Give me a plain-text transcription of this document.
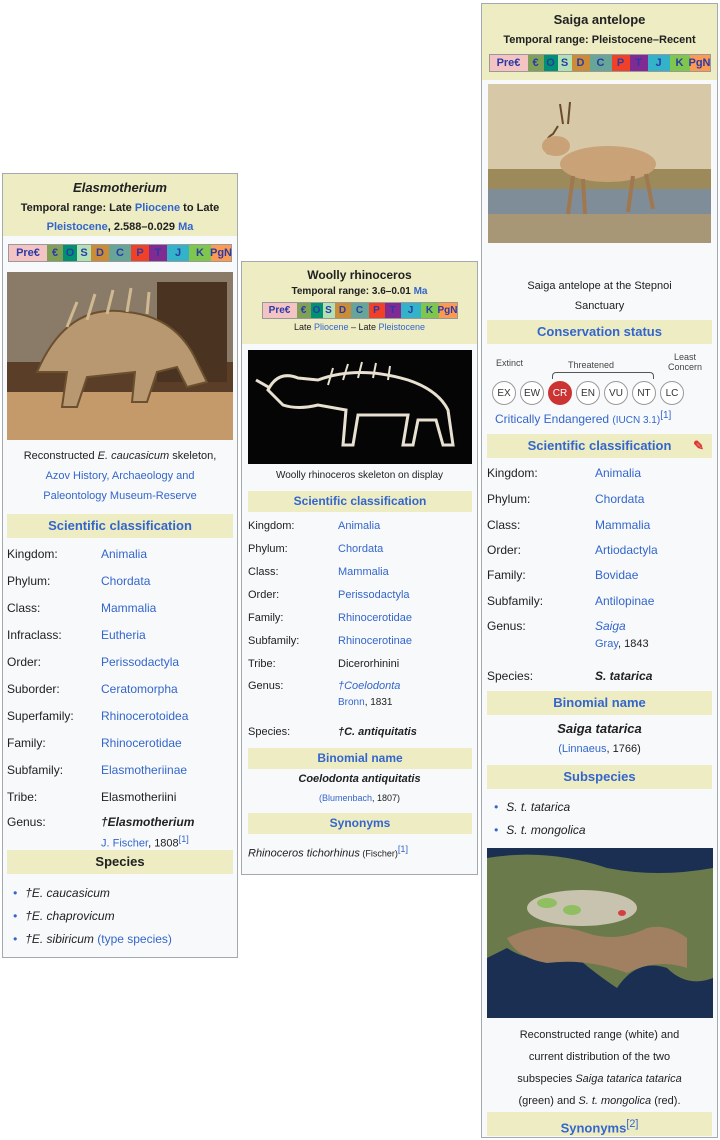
Elasmotherium
Temporal range: Late Pliocene to Late
Pleistocene, 2.588–0.029 Ma
Pre€	€ O S D	C	P T	J	K PgN
Reconstructed E. caucasicum skeleton,
Azov History, Archaeology and
Paleontology Museum-Reserve
Scientific classification
Kingdom:	Animalia
Phylum:	Chordata
Class:	Mammalia
Infraclass:	Eutheria
Order:	Perissodactyla
Suborder:	Ceratomorpha
Superfamily:	Rhinocerotoidea
Family:	Rhinocerotidae
Subfamily:	Elasmotheriinae
Tribe:	Elasmotheriini
Genus:	†Elasmotherium
J. Fischer, 1808[1]
Species
• †E. caucasicum
• †E. chaprovicum
• †E. sibiricum (type species)
Woolly rhinoceros
Temporal range: 3.6–0.01 Ma
Pre€	€ O S D C	P T	J	K PgN
Late Pliocene – Late Pleistocene
Woolly rhinoceros skeleton on display
Scientific classification
Kingdom:	Animalia
Phylum:	Chordata
Class:	Mammalia
Order:	Perissodactyla
Family:	Rhinocerotidae
Subfamily:	Rhinocerotinae
Tribe:	Dicerorhinini
Genus:	†Coelodonta
Bronn, 1831
Species:	†C. antiquitatis
Binomial name
Coelodonta antiquitatis
(Blumenbach, 1807)
Synonyms
Rhinoceros tichorhinus (Fischer)[1]
Saiga antelope
Temporal range: Pleistocene–Recent
Pre€	€ O S D	C	P T	J	K PgN
Saiga antelope at the Stepnoi
Sanctuary
Conservation status
Extinct	Threatened
Least
Concern
EX	EW	CR	EN	VU	NT	LC
Critically Endangered (IUCN 3.1)[1]
Scientific classification ✎
Kingdom:	Animalia
Phylum:	Chordata
Class:	Mammalia
Order:	Artiodactyla
Family:	Bovidae
Subfamily:	Antilopinae
Genus:	Saiga
Gray, 1843
Species:	S. tatarica
Binomial name
Saiga tatarica
(Linnaeus, 1766)
Subspecies
• S. t. tatarica
• S. t. mongolica
Reconstructed range (white) and
current distribution of the two
subspecies Saiga tatarica tatarica
(green) and S. t. mongolica (red).
Synonyms[2]
